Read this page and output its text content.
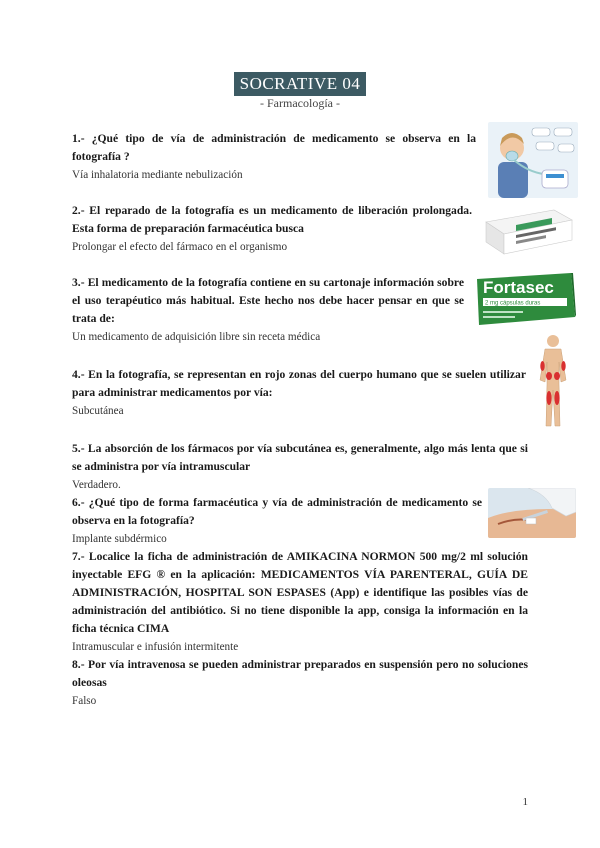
SOCRATIVE 04
- Farmacología -
1.- ¿Qué tipo de vía de administración de medicamento se observa en la fotografía ?
Vía inhalatoria mediante nebulización
2.- El reparado de la fotografía es un medicamento de liberación prolongada. Esta forma de preparación farmacéutica busca
Prolongar el efecto del fármaco en el organismo
3.- El medicamento de la fotografía contiene en su cartonaje información sobre el uso terapéutico más habitual. Este hecho nos debe hacer pensar en que se trata de:
Un medicamento de adquisición libre sin receta médica
Fortasec
2 mg cápsulas duras
4.- En la fotografía, se representan en rojo zonas del cuerpo humano que se suelen utilizar para administrar medicamentos por vía:
Subcutánea
5.- La absorción de los fármacos por vía subcutánea es, generalmente, algo más lenta que si se administra por vía intramuscular
Verdadero.
6.- ¿Qué tipo de forma farmacéutica y vía de administración de medicamento se observa en la fotografía?
Implante subdérmico
7.- Localice la ficha de administración de AMIKACINA NORMON 500 mg/2 ml solución inyectable EFG ® en la aplicación: MEDICAMENTOS VÍA PARENTERAL, GUÍA DE ADMINISTRACIÓN, HOSPITAL SON ESPASES (App) e identifique las posibles vías de administración del antibiótico. Si no tiene disponible la app, consiga la información en la ficha técnica CIMA
Intramuscular e infusión intermitente
8.- Por vía intravenosa se pueden administrar preparados en suspensión pero no soluciones oleosas
Falso
1
